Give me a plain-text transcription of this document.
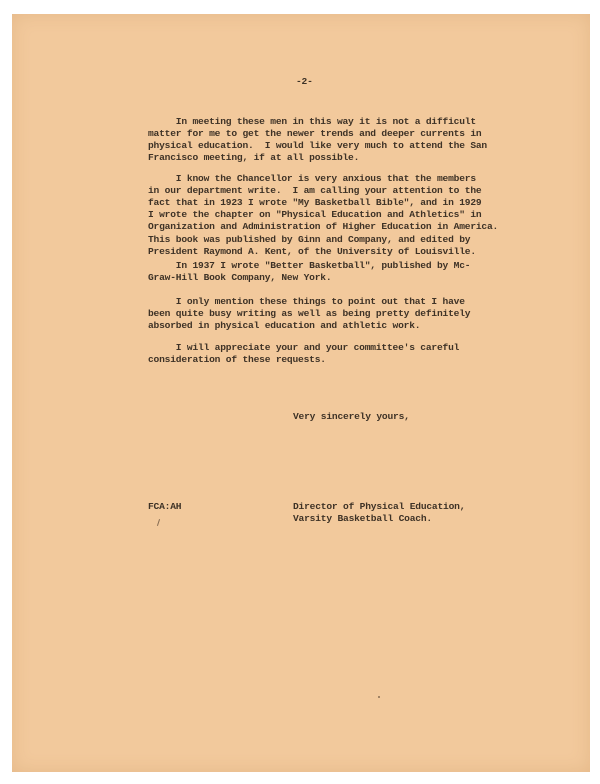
-2-

In meeting these men in this way it is not a difficult
matter for me to get the newer trends and deeper currents in
physical education.  I would like very much to attend the San
Francisco meeting, if at all possible.

I know the Chancellor is very anxious that the members
in our department write.  I am calling your attention to the
fact that in 1923 I wrote "My Basketball Bible", and in 1929
I wrote the chapter on "Physical Education and Athletics" in
Organization and Administration of Higher Education in America.
This book was published by Ginn and Company, and edited by
President Raymond A. Kent, of the University of Louisville.

In 1937 I wrote "Better Basketball", published by Mc-
Graw-Hill Book Company, New York.

I only mention these things to point out that I have
been quite busy writing as well as being pretty definitely
absorbed in physical education and athletic work.

I will appreciate your and your committee's careful
consideration of these requests.
Very sincerely yours,

Director of Physical Education,
Varsity Basketball Coach.
FCA:AH
